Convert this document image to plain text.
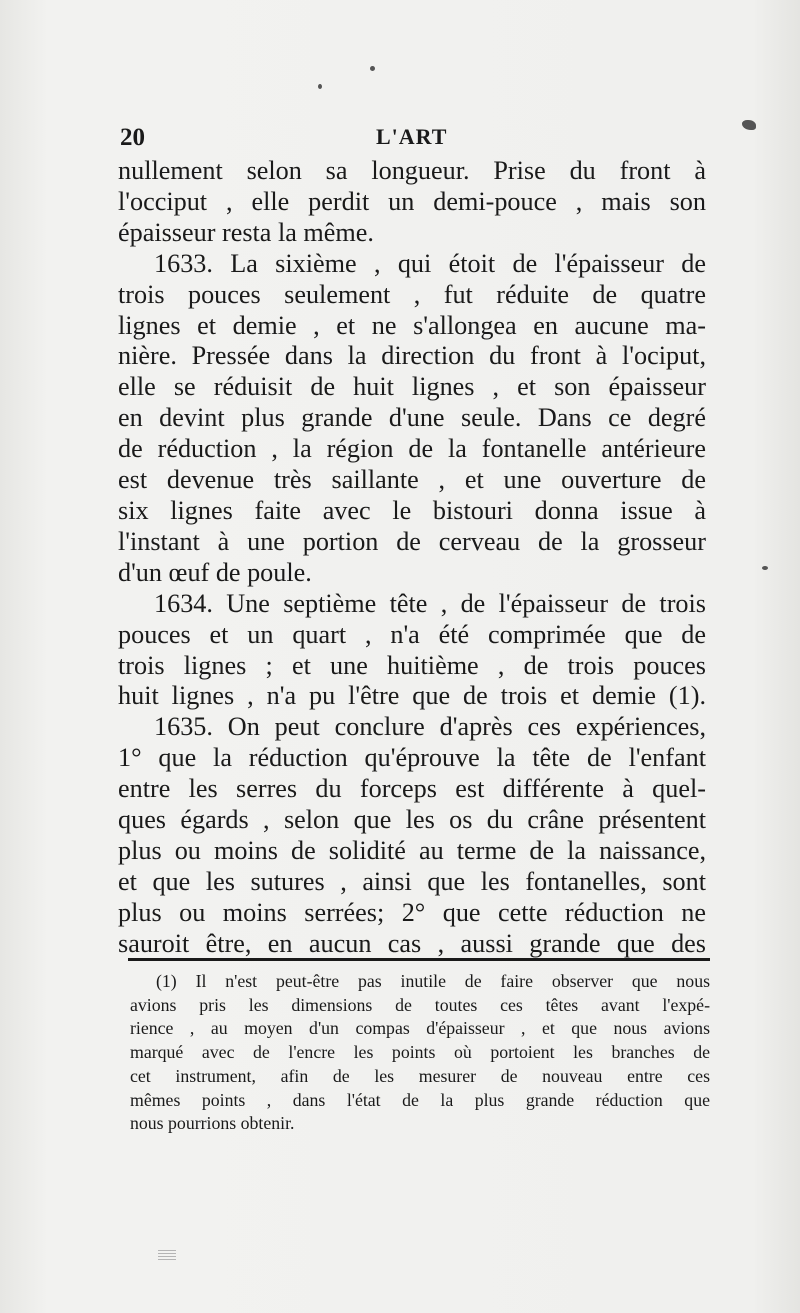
20	L'ART
nullement selon sa longueur. Prise du front à
l'occiput , elle perdit un demi-pouce , mais son
épaisseur resta la même.
1633. La sixième , qui étoit de l'épaisseur de
trois pouces seulement , fut réduite de quatre
lignes et demie , et ne s'allongea en aucune ma-
nière. Pressée dans la direction du front à l'ociput,
elle se réduisit de huit lignes , et son épaisseur
en devint plus grande d'une seule. Dans ce degré
de réduction , la région de la fontanelle antérieure
est devenue très saillante , et une ouverture de
six lignes faite avec le bistouri donna issue à
l'instant à une portion de cerveau de la grosseur
d'un œuf de poule.
1634. Une septième tête , de l'épaisseur de trois
pouces et un quart , n'a été comprimée que de
trois lignes ; et une huitième , de trois pouces
huit lignes , n'a pu l'être que de trois et demie (1).
1635. On peut conclure d'après ces expériences,
1° que la réduction qu'éprouve la tête de l'enfant
entre les serres du forceps est différente à quel-
ques égards , selon que les os du crâne présentent
plus ou moins de solidité au terme de la naissance,
et que les sutures , ainsi que les fontanelles, sont
plus ou moins serrées; 2° que cette réduction ne
sauroit être, en aucun cas , aussi grande que des
(1) Il n'est peut-être pas inutile de faire observer que nous
avions pris les dimensions de toutes ces têtes avant l'expé-
rience , au moyen d'un compas d'épaisseur , et que nous avions
marqué avec de l'encre les points où portoient les branches de
cet instrument, afin de les mesurer de nouveau entre ces
mêmes points , dans l'état de la plus grande réduction que
nous pourrions obtenir.
